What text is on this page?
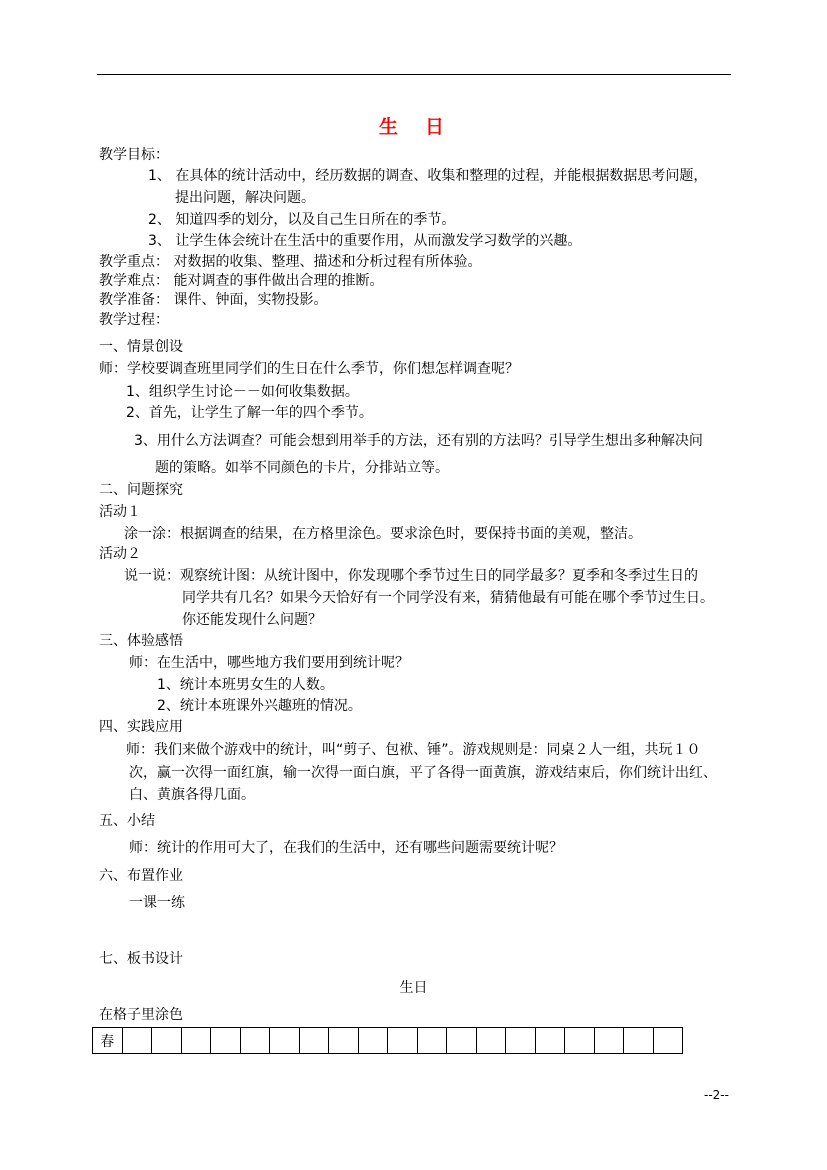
生　日
教学目标：
1、 在具体的统计活动中，经历数据的调查、收集和整理的过程，并能根据数据思考问题，
提出问题，解决问题。
2、 知道四季的划分，以及自己生日所在的季节。
3、 让学生体会统计在生活中的重要作用，从而激发学习数学的兴趣。
教学重点： 对数据的收集、整理、描述和分析过程有所体验。
教学难点： 能对调查的事件做出合理的推断。
教学准备： 课件、钟面，实物投影。
教学过程：
一、情景创设
师：学校要调查班里同学们的生日在什么季节，你们想怎样调查呢？
1、组织学生讨论－－如何收集数据。
2、首先，让学生了解一年的四个季节。
3、用什么方法调查？可能会想到用举手的方法，还有别的方法吗？引导学生想出多种解决问
题的策略。如举不同颜色的卡片，分排站立等。
二、问题探究
活动１
涂一涂：根据调查的结果，在方格里涂色。要求涂色时，要保持书面的美观，整洁。
活动２
说一说：观察统计图：从统计图中，你发现哪个季节过生日的同学最多？夏季和冬季过生日的
同学共有几名？如果今天恰好有一个同学没有来，猜猜他最有可能在哪个季节过生日。
你还能发现什么问题？
三、体验感悟
师：在生活中，哪些地方我们要用到统计呢？
1、统计本班男女生的人数。
2、统计本班课外兴趣班的情况。
四、实践应用
师：我们来做个游戏中的统计，叫“剪子、包袱、锤”。游戏规则是：同桌２人一组，共玩１０
次，赢一次得一面红旗，输一次得一面白旗，平了各得一面黄旗，游戏结束后，你们统计出红、
白、黄旗各得几面。
五、小结
师：统计的作用可大了，在我们的生活中，还有哪些问题需要统计呢？
六、布置作业
一课一练
七、板书设计
生日
在格子里涂色
春																			
--2--
